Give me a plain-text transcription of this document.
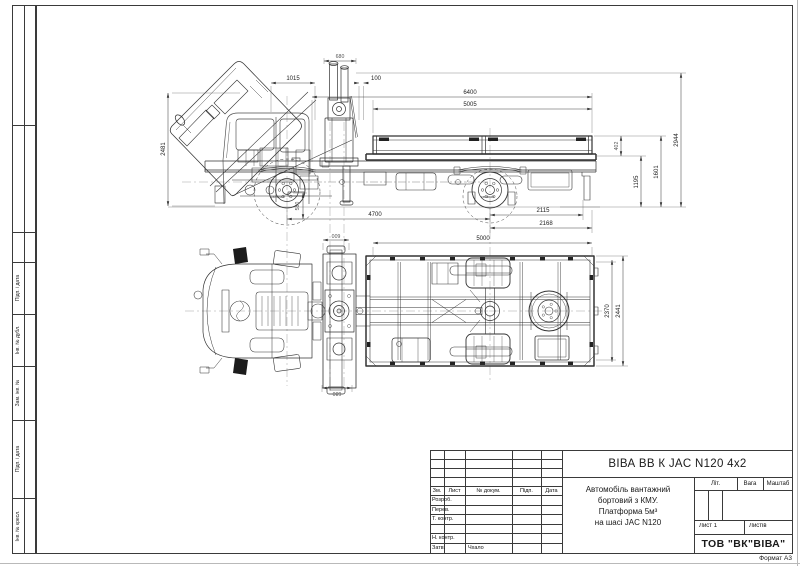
Підп. і дата
Інв. № дубл.
Зам. інв. №
Підп. і дата
Інв. № кресл.
245/70R19.5	245/70R19.5
680
1015	100
6400
5005
4700
2115
2168
2481	402
1195
1601
2944
580
5000
600
680
2370 2441
Зм.	Лист	№ докум.	Підп.	Дата
Розроб.
Перев.
Т. контр.
Н. контр.
Затв.	Чхало
ВІВА ВВ К JAC N120 4x2
Автомобіль вантажний
бортовий з КМУ.
Платформа 5м³
на шасі JAC N120
Літ.	Вага	Маштаб
Лист 1	Листів
ТОВ "ВК"ВІВА"
Формат А3
